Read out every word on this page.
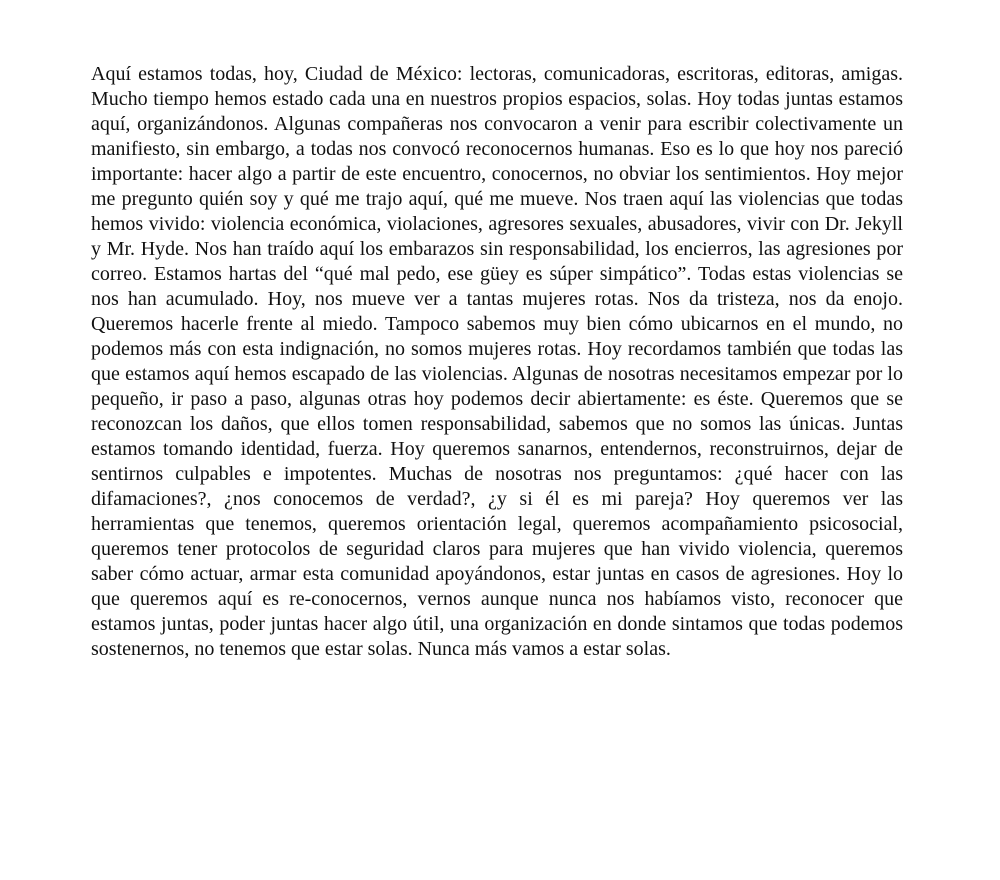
Aquí estamos todas, hoy, Ciudad de México: lectoras, comunicadoras, escritoras, editoras, amigas. Mucho tiempo hemos estado cada una en nuestros propios espacios, solas. Hoy todas juntas estamos aquí, organizándonos. Algunas compañeras nos convocaron a venir para escribir colectivamente un manifiesto, sin embargo, a todas nos convocó reconocernos humanas. Eso es lo que hoy nos pareció importante: hacer algo a partir de este encuentro, conocernos, no obviar los sentimientos. Hoy mejor me pregunto quién soy y qué me trajo aquí, qué me mueve. Nos traen aquí las violencias que todas hemos vivido: violencia económica, violaciones, agresores sexuales, abusadores, vivir con Dr. Jekyll y Mr. Hyde. Nos han traído aquí los embarazos sin responsabilidad, los encierros, las agresiones por correo. Estamos hartas del “qué mal pedo, ese güey es súper simpático”. Todas estas violencias se nos han acumulado. Hoy, nos mueve ver a tantas mujeres rotas. Nos da tristeza, nos da enojo. Queremos hacerle frente al miedo. Tampoco sabemos muy bien cómo ubicarnos en el mundo, no podemos más con esta indignación, no somos mujeres rotas. Hoy recordamos también que todas las que estamos aquí hemos escapado de las violencias. Algunas de nosotras necesitamos empezar por lo pequeño, ir paso a paso, algunas otras hoy podemos decir abiertamente: es éste. Queremos que se reconozcan los daños, que ellos tomen responsabilidad, sabemos que no somos las únicas. Juntas estamos tomando identidad, fuerza. Hoy queremos sanarnos, entendernos, reconstruirnos, dejar de sentirnos culpables e impotentes. Muchas de nosotras nos preguntamos: ¿qué hacer con las difamaciones?, ¿nos conocemos de verdad?, ¿y si él es mi pareja? Hoy queremos ver las herramientas que tenemos, queremos orientación legal, queremos acompañamiento psicosocial, queremos tener protocolos de seguridad claros para mujeres que han vivido violencia, queremos saber cómo actuar, armar esta comunidad apoyándonos, estar juntas en casos de agresiones. Hoy lo que queremos aquí es re-conocernos, vernos aunque nunca nos habíamos visto, reconocer que estamos juntas, poder juntas hacer algo útil, una organización en donde sintamos que todas podemos sostenernos, no tenemos que estar solas. Nunca más vamos a estar solas.
